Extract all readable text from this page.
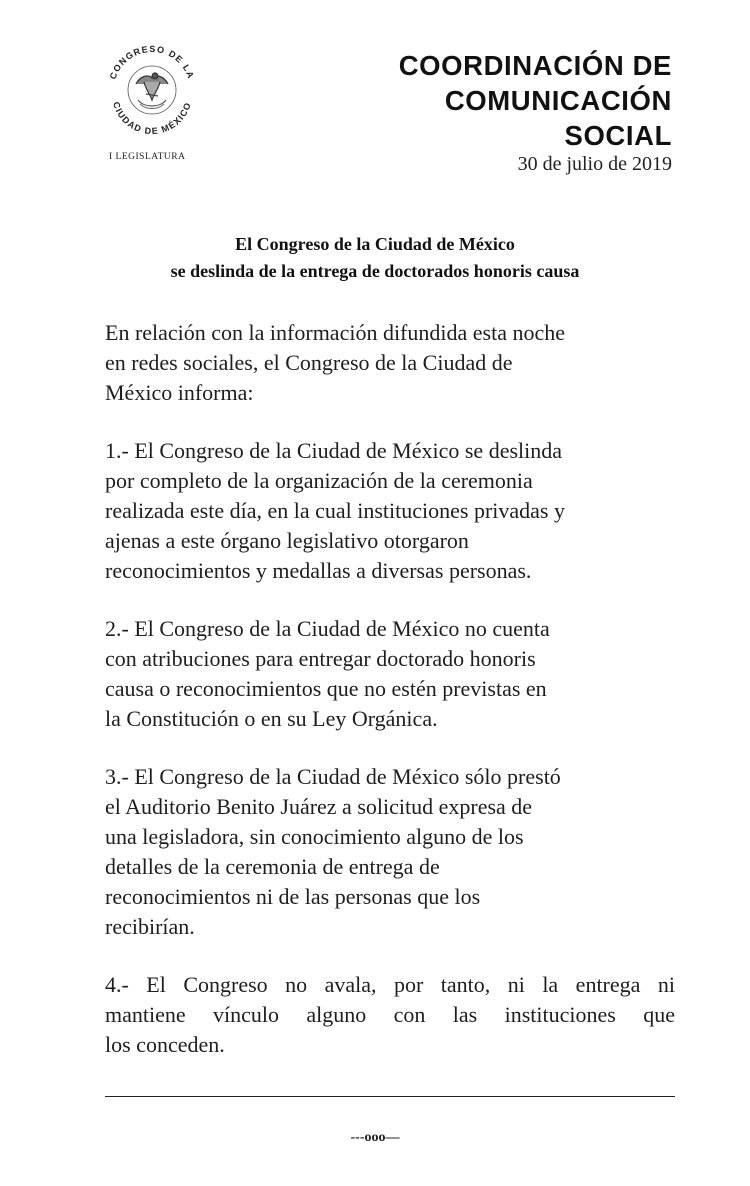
CONGRESO DE LA
CIUDAD DE MÉXICO
I LEGISLATURA
COORDINACIÓN DE
COMUNICACIÓN
SOCIAL
30 de julio de 2019
El Congreso de la Ciudad de México
se deslinda de la entrega de doctorados honoris causa

En relación con la información difundida esta noche
en redes sociales, el Congreso de la Ciudad de
México informa:

1.- El Congreso de la Ciudad de México se deslinda
por completo de la organización de la ceremonia
realizada este día, en la cual instituciones privadas y
ajenas a este órgano legislativo otorgaron
reconocimientos y medallas a diversas personas.

2.- El Congreso de la Ciudad de México no cuenta
con atribuciones para entregar doctorado honoris
causa o reconocimientos que no estén previstas en
la Constitución o en su Ley Orgánica.

3.- El Congreso de la Ciudad de México sólo prestó
el Auditorio Benito Juárez a solicitud expresa de
una legisladora, sin conocimiento alguno de los
detalles de la ceremonia de entrega de
reconocimientos ni de las personas que los
recibirían.

4.- El Congreso no avala, por tanto, ni la entrega ni
mantiene vínculo alguno con las instituciones que
los conceden.

---ooo—
